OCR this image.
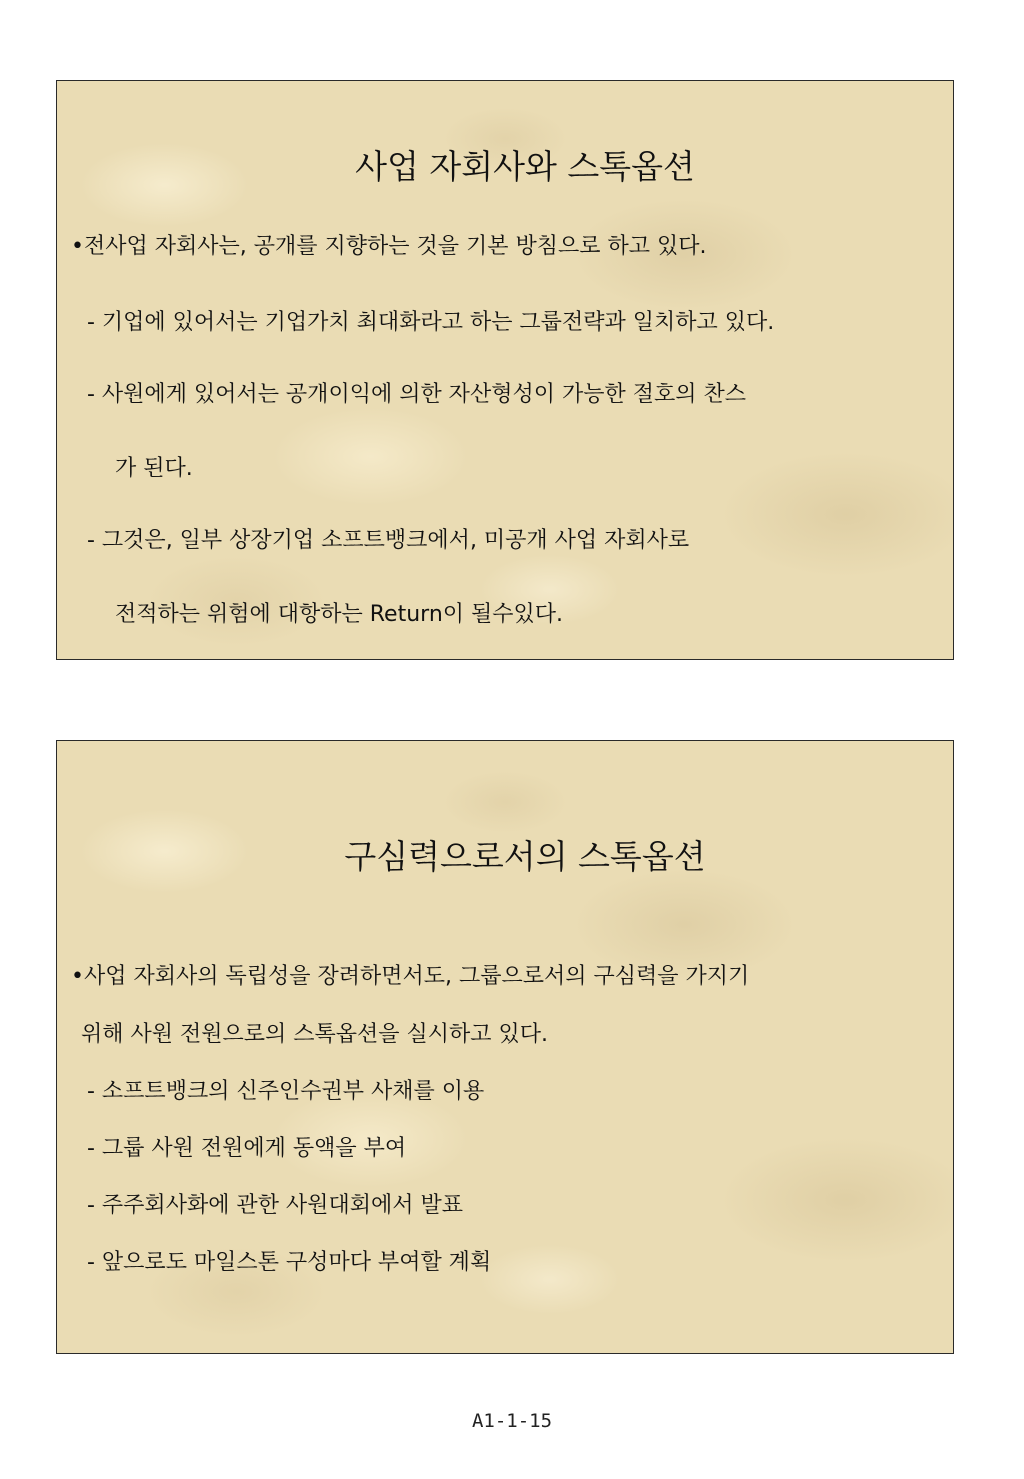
사업 자회사와 스톡옵션
•전사업 자회사는, 공개를 지향하는 것을 기본 방침으로 하고 있다.
- 기업에 있어서는 기업가치 최대화라고 하는 그룹전략과 일치하고 있다.
- 사원에게 있어서는 공개이익에 의한 자산형성이 가능한 절호의 찬스
가 된다.
- 그것은, 일부 상장기업 소프트뱅크에서, 미공개 사업 자회사로
전적하는 위험에 대항하는 Return이 될수있다.
구심력으로서의 스톡옵션
•사업 자회사의 독립성을 장려하면서도, 그룹으로서의 구심력을 가지기
위해 사원 전원으로의 스톡옵션을 실시하고 있다.
- 소프트뱅크의 신주인수권부 사채를 이용
- 그룹 사원 전원에게 동액을 부여
- 주주회사화에 관한 사원대회에서 발표
- 앞으로도 마일스톤 구성마다 부여할 계획
A1-1-15
